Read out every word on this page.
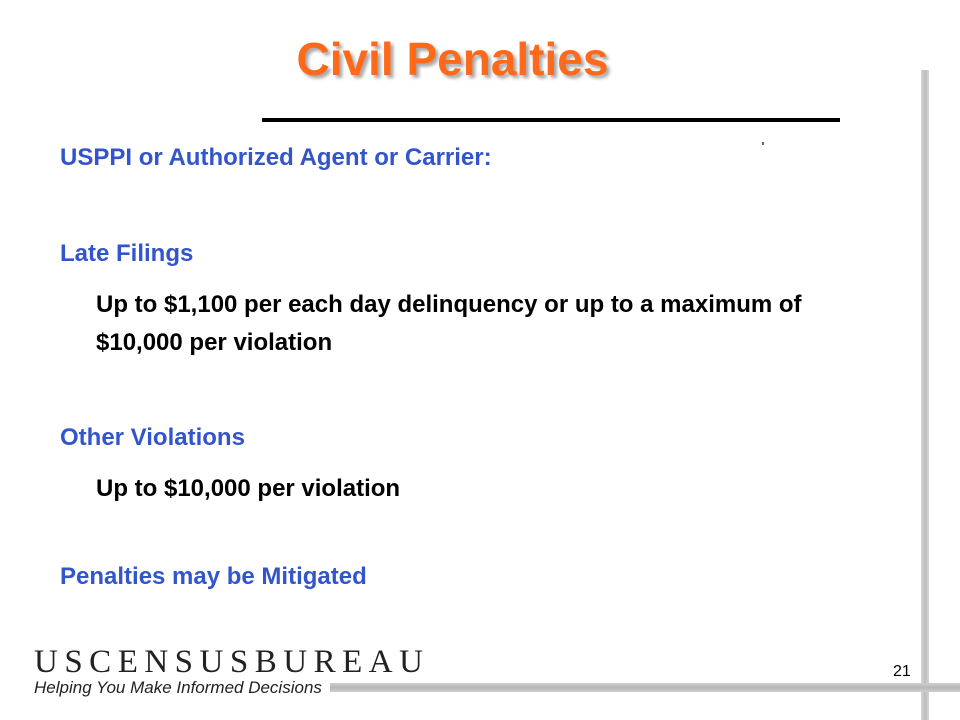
Civil Penalties
USPPI or Authorized Agent or Carrier:
Late Filings
Up to $1,100 per each day delinquency or up to a maximum of $10,000 per violation
Other Violations
Up to $10,000 per violation
Penalties may be Mitigated
USCENSUSBUREAU
Helping You Make Informed Decisions
21
